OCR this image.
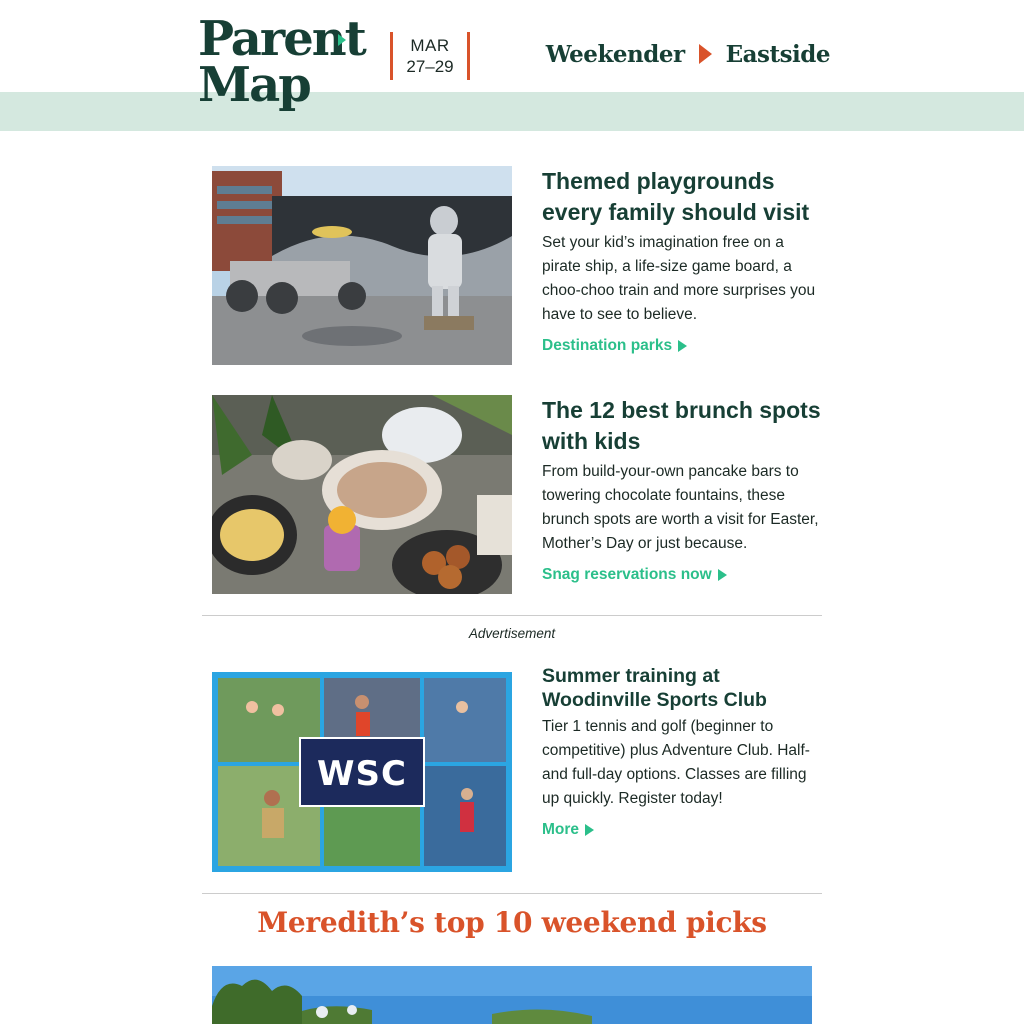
Parent
Map
MAR
27–29	Weekender Eastside
Themed playgrounds every family should visit
Set your kid’s imagination free on a pirate ship, a life-size game board, a choo-choo train and more surprises you have to see to believe.
Destination parks
The 12 best brunch spots with kids
From build-your-own pancake bars to towering chocolate fountains, these brunch spots are worth a visit for Easter, Mother’s Day or just because.
Snag reservations now
Advertisement
WSC
Summer training at Woodinville Sports Club
Tier 1 tennis and golf (beginner to competitive) plus Adventure Club. Half- and full-day options. Classes are filling up quickly. Register today!
More
Meredith’s top 10 weekend picks
